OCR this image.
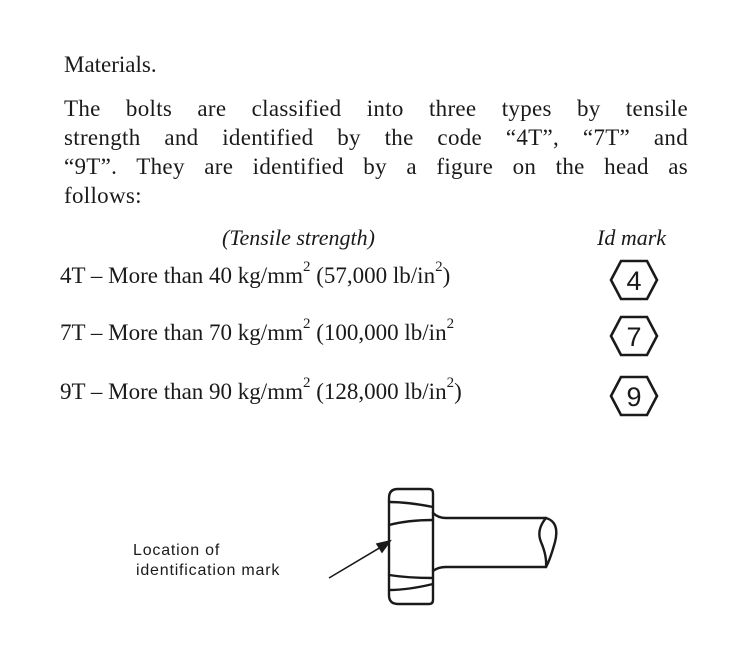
Materials.
The bolts are classified into three types by tensile
strength and identified by the code “4T”, “7T” and
“9T”. They are identified by a figure on the head as
follows:
(Tensile strength)	Id mark
4T – More than 40 $kg/mm^2$ (57,000 $lb/in^2$)
7T – More than 70 $kg/mm^2$ (100,000 $lb/in^2$
9T – More than 90 $kg/mm^2$ (128,000 $lb/in^2$)
4
7
9
Location of
identification mark
